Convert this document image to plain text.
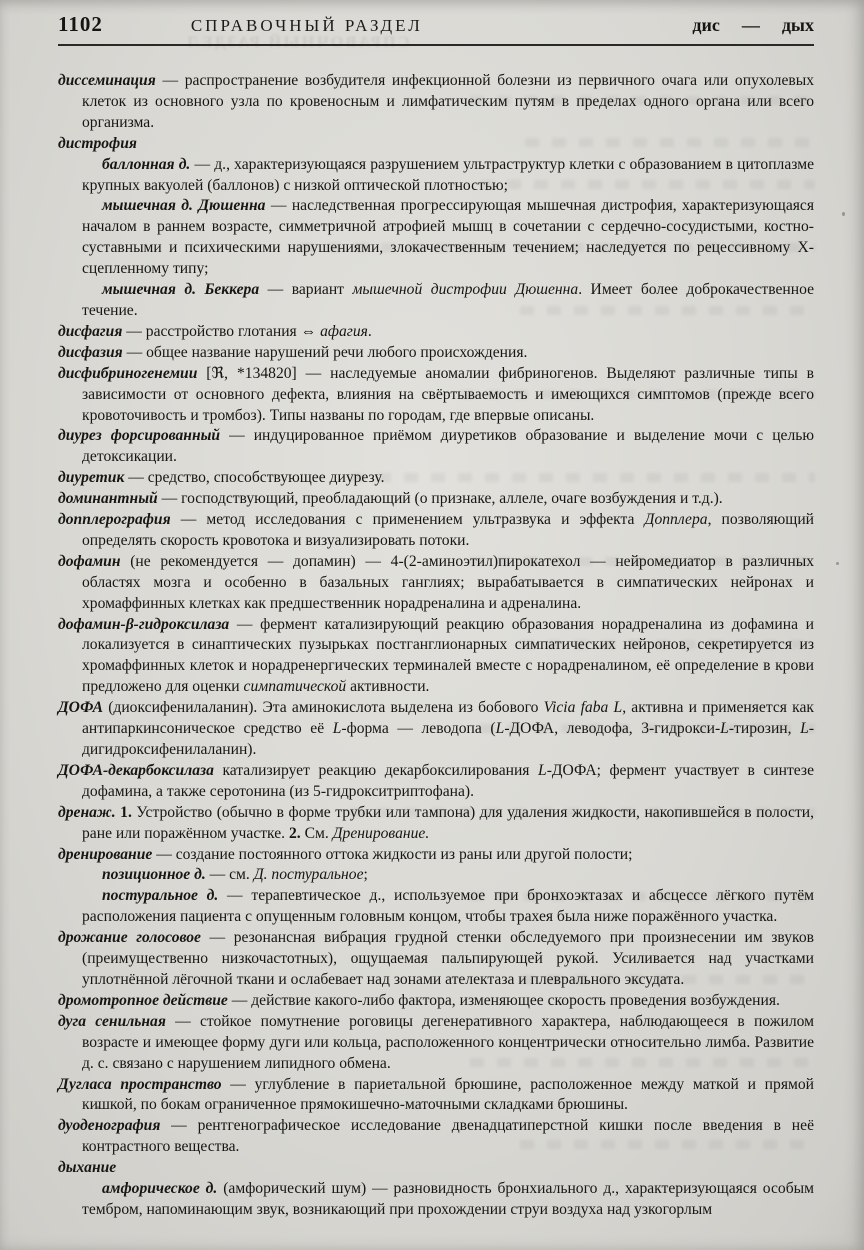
СПРАВОЧНЫЙ РАЗДЕЛ
1102	СПРАВОЧНЫЙ РАЗДЕЛ	дис — дых

диссеминация — распространение возбудителя инфекционной болезни из первичного очага или опухолевых клеток из основного узла по кровеносным и лимфатическим путям в пределах одного органа или всего организма.

дистрофия

баллонная д. — д., характеризующаяся разрушением ультраструктур клетки с образованием в цитоплазме крупных вакуолей (баллонов) с низкой оптической плотностью;

мышечная д. Дюшенна — наследственная прогрессирующая мышечная дистрофия, характеризующаяся началом в раннем возрасте, симметричной атрофией мышц в сочетании с сердечно-сосудистыми, костно-суставными и психическими нарушениями, злокачественным течением; наследуется по рецессивному Х-сцепленному типу;

мышечная д. Беккера — вариант мышечной дистрофии Дюшенна. Имеет более доброкачественное течение.

дисфагия — расстройство глотания ⇔ афагия.

дисфазия — общее название нарушений речи любого происхождения.

дисфибриногенемии [ℜ, *134820] — наследуемые аномалии фибриногенов. Выделяют различные типы в зависимости от основного дефекта, влияния на свёртываемость и имеющихся симптомов (прежде всего кровоточивость и тромбоз). Типы названы по городам, где впервые описаны.

диурез форсированный — индуцированное приёмом диуретиков образование и выделение мочи с целью детоксикации.

диуретик — средство, способствующее диурезу.

доминантный — господствующий, преобладающий (о признаке, аллеле, очаге возбуждения и т.д.).

допплерография — метод исследования с применением ультразвука и эффекта Допплера, позволяющий определять скорость кровотока и визуализировать потоки.

дофамин (не рекомендуется — допамин) — 4-(2-аминоэтил)пирокатехол — нейромедиатор в различных областях мозга и особенно в базальных ганглиях; вырабатывается в симпатических нейронах и хромаффинных клетках как предшественник норадреналина и адреналина.

дофамин-β-гидроксилаза — фермент катализирующий реакцию образования норадреналина из дофамина и локализуется в синаптических пузырьках постганглионарных симпатических нейронов, секретируется из хромаффинных клеток и норадренергических терминалей вместе с норадреналином, её определение в крови предложено для оценки симпатической активности.

ДОФА (диоксифенилаланин). Эта аминокислота выделена из бобового Vicia faba L, активна и применяется как антипаркинсоническое средство её L-форма — леводопа (L-ДОФА, леводофа, 3-гидрокси-L-тирозин, L-дигидроксифенилаланин).

ДОФА-декарбоксилаза катализирует реакцию декарбоксилирования L-ДОФА; фермент участвует в синтезе дофамина, а также серотонина (из 5-гидрокситриптофана).

дренаж. 1. Устройство (обычно в форме трубки или тампона) для удаления жидкости, накопившейся в полости, ране или поражённом участке. 2. См. Дренирование.

дренирование — создание постоянного оттока жидкости из раны или другой полости;

позиционное д. — см. Д. постуральное;

постуральное д. — терапевтическое д., используемое при бронхоэктазах и абсцессе лёгкого путём расположения пациента с опущенным головным концом, чтобы трахея была ниже поражённого участка.

дрожание голосовое — резонансная вибрация грудной стенки обследуемого при произнесении им звуков (преимущественно низкочастотных), ощущаемая пальпирующей рукой. Усиливается над участками уплотнённой лёгочной ткани и ослабевает над зонами ателектаза и плеврального эксудата.

дромотропное действие — действие какого-либо фактора, изменяющее скорость проведения возбуждения.

дуга сенильная — стойкое помутнение роговицы дегенеративного характера, наблюдающееся в пожилом возрасте и имеющее форму дуги или кольца, расположенного концентрически относительно лимба. Развитие д. с. связано с нарушением липидного обмена.

Дугласа пространство — углубление в париетальной брюшине, расположенное между маткой и прямой кишкой, по бокам ограниченное прямокишечно-маточными складками брюшины.

дуоденография — рентгенографическое исследование двенадцатиперстной кишки после введения в неё контрастного вещества.

дыхание

амфорическое д. (амфорический шум) — разновидность бронхиального д., характеризующаяся особым тембром, напоминающим звук, возникающий при прохождении струи воздуха над узкогорлым
